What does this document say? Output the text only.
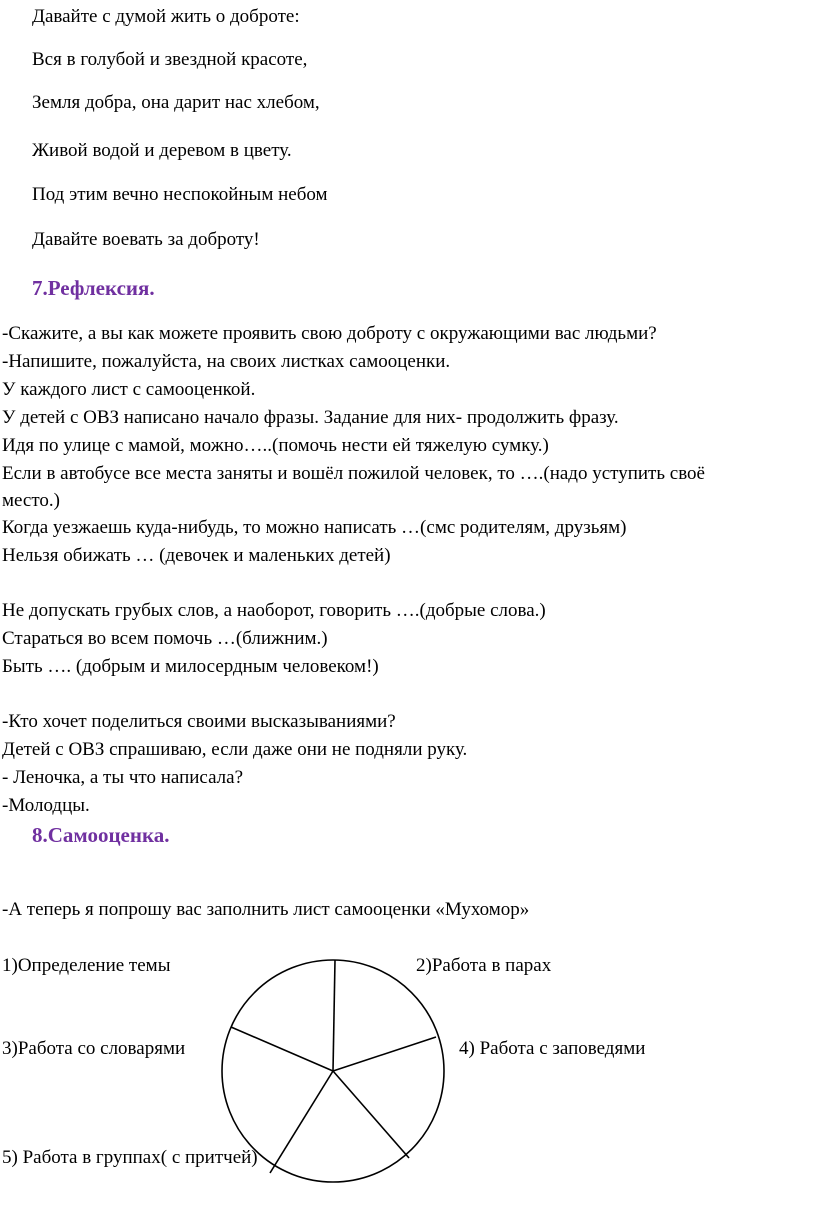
Давайте с думой жить о доброте:
Вся в голубой и звездной красоте,
Земля добра, она дарит нас хлебом,
Живой водой и деревом в цвету.
Под этим вечно неспокойным небом
Давайте воевать за доброту!
7.Рефлексия.
-Скажите, а вы как можете проявить свою доброту с окружающими вас людьми?
-Напишите, пожалуйста, на своих листках самооценки.
У каждого лист с самооценкой.
У детей с ОВЗ написано начало фразы. Задание для них- продолжить фразу.
Идя по улице с мамой, можно…..(помочь нести ей тяжелую сумку.)
Если в автобусе все места заняты и вошёл пожилой человек, то ….(надо уступить своё
место.)
Когда уезжаешь куда-нибудь, то можно написать …(смс родителям, друзьям)
Нельзя обижать … (девочек и маленьких детей)
Не допускать грубых слов, а наоборот, говорить ….(добрые слова.)
Стараться во всем помочь …(ближним.)
Быть …. (добрым и милосердным человеком!)
-Кто хочет поделиться своими высказываниями?
Детей с ОВЗ спрашиваю, если даже они не подняли руку.
- Леночка, а ты что написала?
-Молодцы.
8.Самооценка.
-А теперь я попрошу вас заполнить лист самооценки «Мухомор»
1)Определение темы	2)Работа в парах
3)Работа со словарями	4) Работа с заповедями
5) Работа в группах( с притчей)
